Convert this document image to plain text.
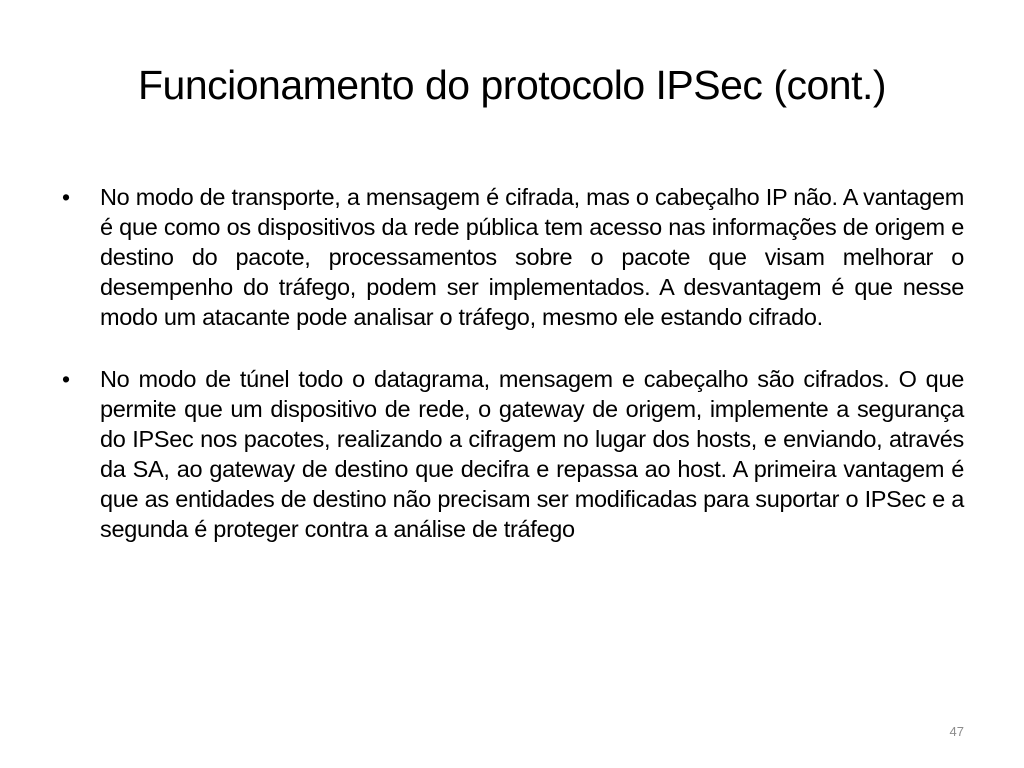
Funcionamento do protocolo IPSec (cont.)
• No modo de transporte, a mensagem é cifrada, mas o cabeçalho IP não. A vantagem é que como os dispositivos da rede pública tem acesso nas informações de origem e destino do pacote, processamentos sobre o pacote que visam melhorar o desempenho do tráfego, podem ser implementados. A desvantagem é que nesse modo um atacante pode analisar o tráfego, mesmo ele estando cifrado.
• No modo de túnel todo o datagrama, mensagem e cabeçalho são cifrados. O que permite que um dispositivo de rede, o gateway de origem, implemente a segurança do IPSec nos pacotes, realizando a cifragem no lugar dos hosts, e enviando, através da SA, ao gateway de destino que decifra e repassa ao host. A primeira vantagem é que as entidades de destino não precisam ser modificadas para suportar o IPSec e a segunda é proteger contra a análise de tráfego
47
